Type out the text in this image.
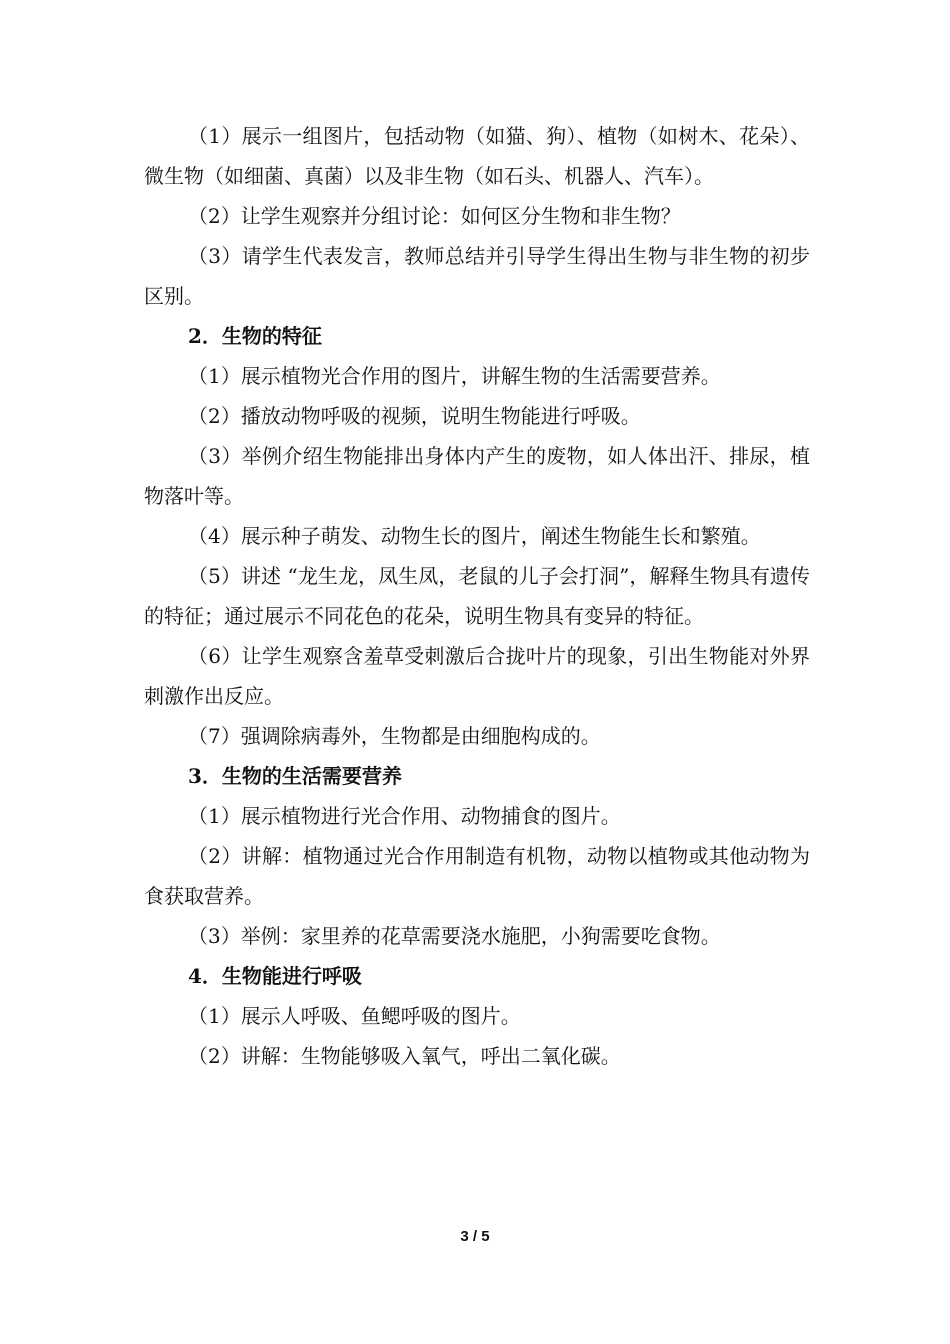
（1）展示一组图片，包括动物（如猫、狗）、植物（如树木、花朵）、微生物（如细菌、真菌）以及非生物（如石头、机器人、汽车）。

（2）让学生观察并分组讨论：如何区分生物和非生物？

（3）请学生代表发言，教师总结并引导学生得出生物与非生物的初步区别。

2．生物的特征

（1）展示植物光合作用的图片，讲解生物的生活需要营养。

（2）播放动物呼吸的视频，说明生物能进行呼吸。

（3）举例介绍生物能排出身体内产生的废物，如人体出汗、排尿，植物落叶等。

（4）展示种子萌发、动物生长的图片，阐述生物能生长和繁殖。

（5）讲述 “龙生龙，凤生凤，老鼠的儿子会打洞”，解释生物具有遗传的特征；通过展示不同花色的花朵，说明生物具有变异的特征。

（6）让学生观察含羞草受刺激后合拢叶片的现象，引出生物能对外界刺激作出反应。

（7）强调除病毒外，生物都是由细胞构成的。

3．生物的生活需要营养

（1）展示植物进行光合作用、动物捕食的图片。

（2）讲解：植物通过光合作用制造有机物，动物以植物或其他动物为食获取营养。

（3）举例：家里养的花草需要浇水施肥，小狗需要吃食物。

4．生物能进行呼吸

（1）展示人呼吸、鱼鳃呼吸的图片。

（2）讲解：生物能够吸入氧气，呼出二氧化碳。

3 / 5
